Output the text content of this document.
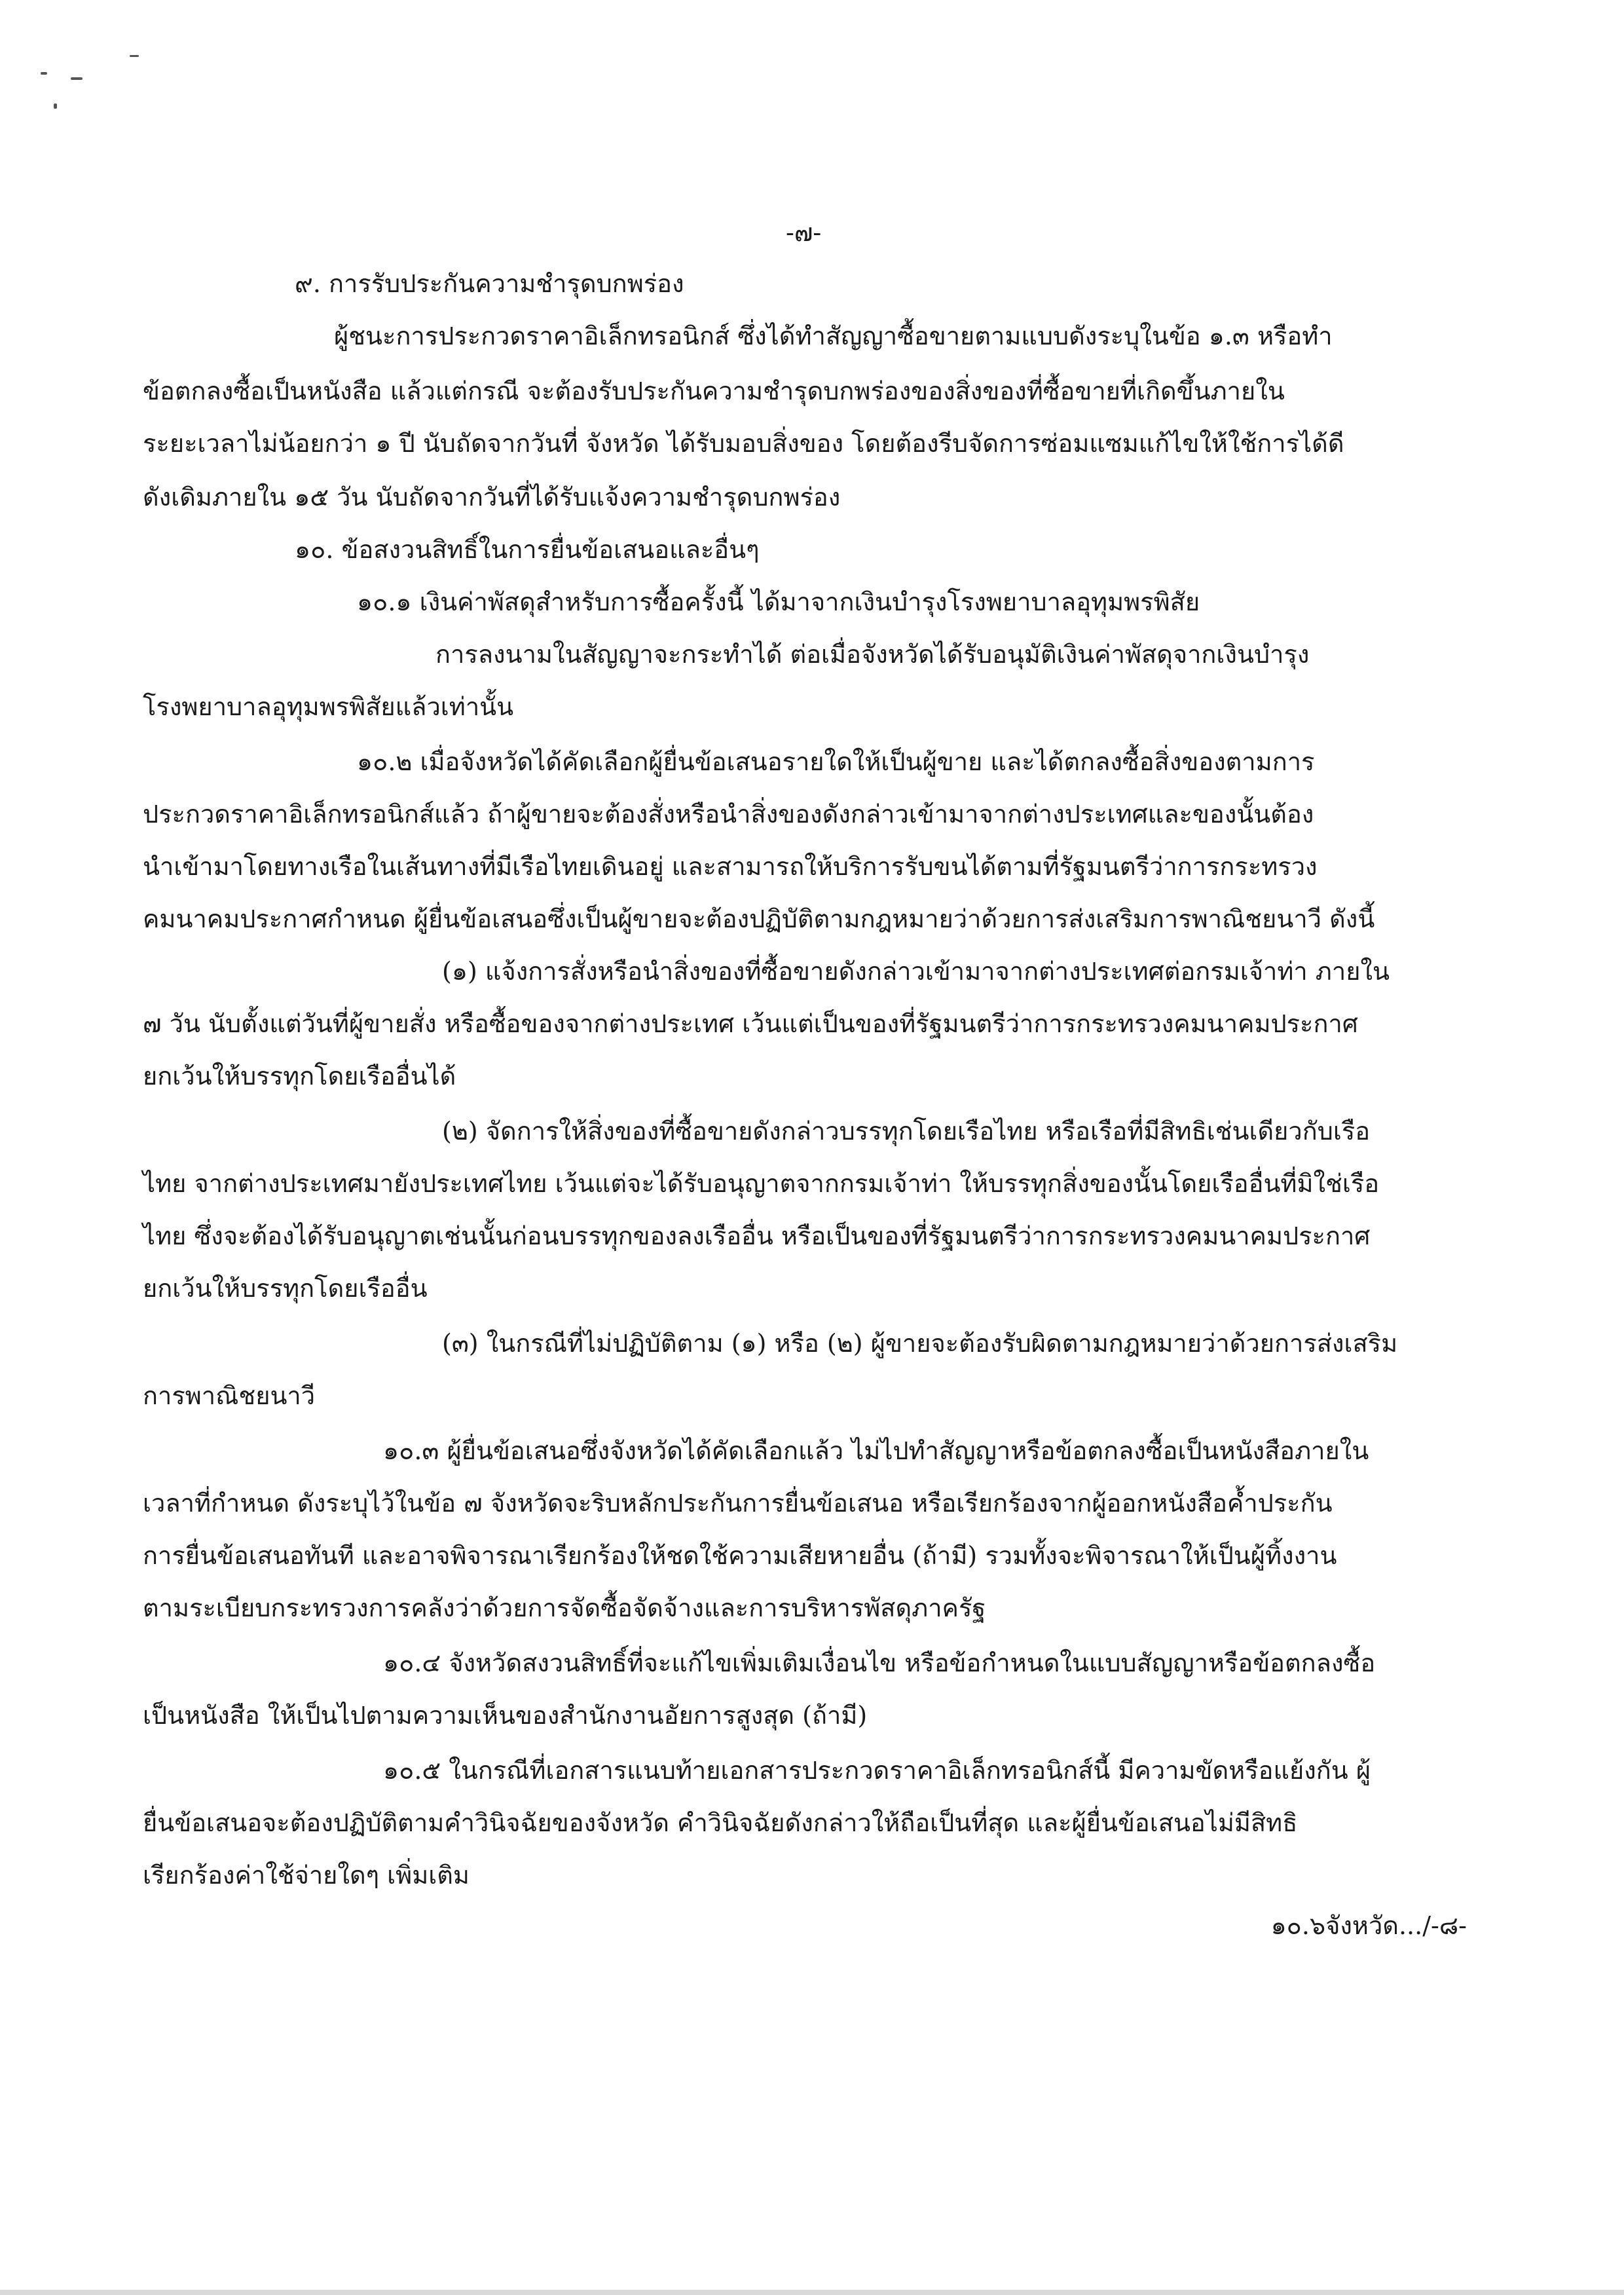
-๗-
๙. การรับประกันความชำรุดบกพร่อง
ผู้ชนะการประกวดราคาอิเล็กทรอนิกส์ ซึ่งได้ทำสัญญาซื้อขายตามแบบดังระบุในข้อ ๑.๓ หรือทำ
ข้อตกลงซื้อเป็นหนังสือ แล้วแต่กรณี จะต้องรับประกันความชำรุดบกพร่องของสิ่งของที่ซื้อขายที่เกิดขึ้นภายใน
ระยะเวลาไม่น้อยกว่า ๑ ปี นับถัดจากวันที่ จังหวัด ได้รับมอบสิ่งของ โดยต้องรีบจัดการซ่อมแซมแก้ไขให้ใช้การได้ดี
ดังเดิมภายใน ๑๕ วัน นับถัดจากวันที่ได้รับแจ้งความชำรุดบกพร่อง
๑๐. ข้อสงวนสิทธิ์ในการยื่นข้อเสนอและอื่นๆ
๑๐.๑ เงินค่าพัสดุสำหรับการซื้อครั้งนี้ ได้มาจากเงินบำรุงโรงพยาบาลอุทุมพรพิสัย
การลงนามในสัญญาจะกระทำได้ ต่อเมื่อจังหวัดได้รับอนุมัติเงินค่าพัสดุจากเงินบำรุง
โรงพยาบาลอุทุมพรพิสัยแล้วเท่านั้น
๑๐.๒ เมื่อจังหวัดได้คัดเลือกผู้ยื่นข้อเสนอรายใดให้เป็นผู้ขาย และได้ตกลงซื้อสิ่งของตามการ
ประกวดราคาอิเล็กทรอนิกส์แล้ว ถ้าผู้ขายจะต้องสั่งหรือนำสิ่งของดังกล่าวเข้ามาจากต่างประเทศและของนั้นต้อง
นำเข้ามาโดยทางเรือในเส้นทางที่มีเรือไทยเดินอยู่ และสามารถให้บริการรับขนได้ตามที่รัฐมนตรีว่าการกระทรวง
คมนาคมประกาศกำหนด ผู้ยื่นข้อเสนอซึ่งเป็นผู้ขายจะต้องปฏิบัติตามกฎหมายว่าด้วยการส่งเสริมการพาณิชยนาวี ดังนี้
(๑) แจ้งการสั่งหรือนำสิ่งของที่ซื้อขายดังกล่าวเข้ามาจากต่างประเทศต่อกรมเจ้าท่า ภายใน
๗ วัน นับตั้งแต่วันที่ผู้ขายสั่ง หรือซื้อของจากต่างประเทศ เว้นแต่เป็นของที่รัฐมนตรีว่าการกระทรวงคมนาคมประกาศ
ยกเว้นให้บรรทุกโดยเรืออื่นได้
(๒) จัดการให้สิ่งของที่ซื้อขายดังกล่าวบรรทุกโดยเรือไทย หรือเรือที่มีสิทธิเช่นเดียวกับเรือ
ไทย จากต่างประเทศมายังประเทศไทย เว้นแต่จะได้รับอนุญาตจากกรมเจ้าท่า ให้บรรทุกสิ่งของนั้นโดยเรืออื่นที่มิใช่เรือ
ไทย ซึ่งจะต้องได้รับอนุญาตเช่นนั้นก่อนบรรทุกของลงเรืออื่น หรือเป็นของที่รัฐมนตรีว่าการกระทรวงคมนาคมประกาศ
ยกเว้นให้บรรทุกโดยเรืออื่น
(๓) ในกรณีที่ไม่ปฏิบัติตาม (๑) หรือ (๒) ผู้ขายจะต้องรับผิดตามกฎหมายว่าด้วยการส่งเสริม
การพาณิชยนาวี
๑๐.๓ ผู้ยื่นข้อเสนอซึ่งจังหวัดได้คัดเลือกแล้ว ไม่ไปทำสัญญาหรือข้อตกลงซื้อเป็นหนังสือภายใน
เวลาที่กำหนด ดังระบุไว้ในข้อ ๗ จังหวัดจะริบหลักประกันการยื่นข้อเสนอ หรือเรียกร้องจากผู้ออกหนังสือค้ำประกัน
การยื่นข้อเสนอทันที และอาจพิจารณาเรียกร้องให้ชดใช้ความเสียหายอื่น (ถ้ามี) รวมทั้งจะพิจารณาให้เป็นผู้ทิ้งงาน
ตามระเบียบกระทรวงการคลังว่าด้วยการจัดซื้อจัดจ้างและการบริหารพัสดุภาครัฐ
๑๐.๔ จังหวัดสงวนสิทธิ์ที่จะแก้ไขเพิ่มเติมเงื่อนไข หรือข้อกำหนดในแบบสัญญาหรือข้อตกลงซื้อ
เป็นหนังสือ ให้เป็นไปตามความเห็นของสำนักงานอัยการสูงสุด (ถ้ามี)
๑๐.๕ ในกรณีที่เอกสารแนบท้ายเอกสารประกวดราคาอิเล็กทรอนิกส์นี้ มีความขัดหรือแย้งกัน ผู้
ยื่นข้อเสนอจะต้องปฏิบัติตามคำวินิจฉัยของจังหวัด คำวินิจฉัยดังกล่าวให้ถือเป็นที่สุด และผู้ยื่นข้อเสนอไม่มีสิทธิ
เรียกร้องค่าใช้จ่ายใดๆ เพิ่มเติม
๑๐.๖จังหวัด.../-๘-
